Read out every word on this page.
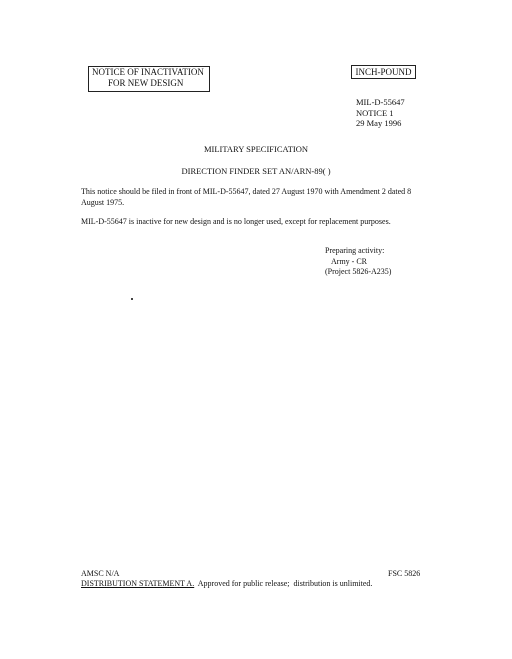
NOTICE OF INACTIVATION
FOR NEW DESIGN
INCH-POUND
MIL-D-55647
NOTICE 1
29 May 1996
MILITARY SPECIFICATION
DIRECTION FINDER SET AN/ARN-89( )
This notice should be filed in front of MIL-D-55647, dated 27 August 1970 with Amendment 2 dated 8 August 1975.
MIL-D-55647 is inactive for new design and is no longer used, except for replacement purposes.
Preparing activity:
Army - CR
(Project 5826-A235)
AMSC N/A	FSC 5826
DISTRIBUTION STATEMENT A.  Approved for public release;  distribution is unlimited.
